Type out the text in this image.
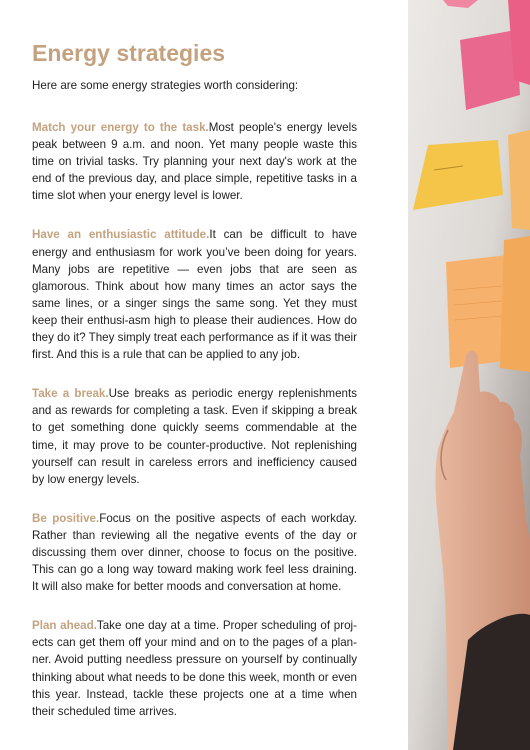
Energy strategies

Here are some energy strategies worth considering:

Match your energy to the task.Most people's energy levels peak between 9 a.m. and noon. Yet many people waste this time on trivial tasks. Try planning your next day's work at the end of the previous day, and place simple, repetitive tasks in a time slot when your energy level is lower.

Have an enthusiastic attitude.It can be difficult to have energy and enthusiasm for work you’ve been doing for years. Many jobs are repetitive — even jobs that are seen as glamorous. Think about how many times an actor says the same lines, or a singer sings the same song. Yet they must keep their enthusi-asm high to please their audiences. How do they do it? They simply treat each performance as if it was their first. And this is a rule that can be applied to any job.

Take a break.Use breaks as periodic energy replenishments and as rewards for completing a task. Even if skipping a break to get something done quickly seems commendable at the time, it may prove to be counter-productive. Not replenishing yourself can result in careless errors and inefficiency caused by low energy levels.

Be positive.Focus on the positive aspects of each workday. Rather than reviewing all the negative events of the day or discussing them over dinner, choose to focus on the positive. This can go a long way toward making work feel less draining. It will also make for better moods and conversation at home.

Plan ahead.Take one day at a time. Proper scheduling of proj-ects can get them off your mind and on to the pages of a plan-ner. Avoid putting needless pressure on yourself by continually thinking about what needs to be done this week, month or even this year. Instead, tackle these projects one at a time when their scheduled time arrives.
